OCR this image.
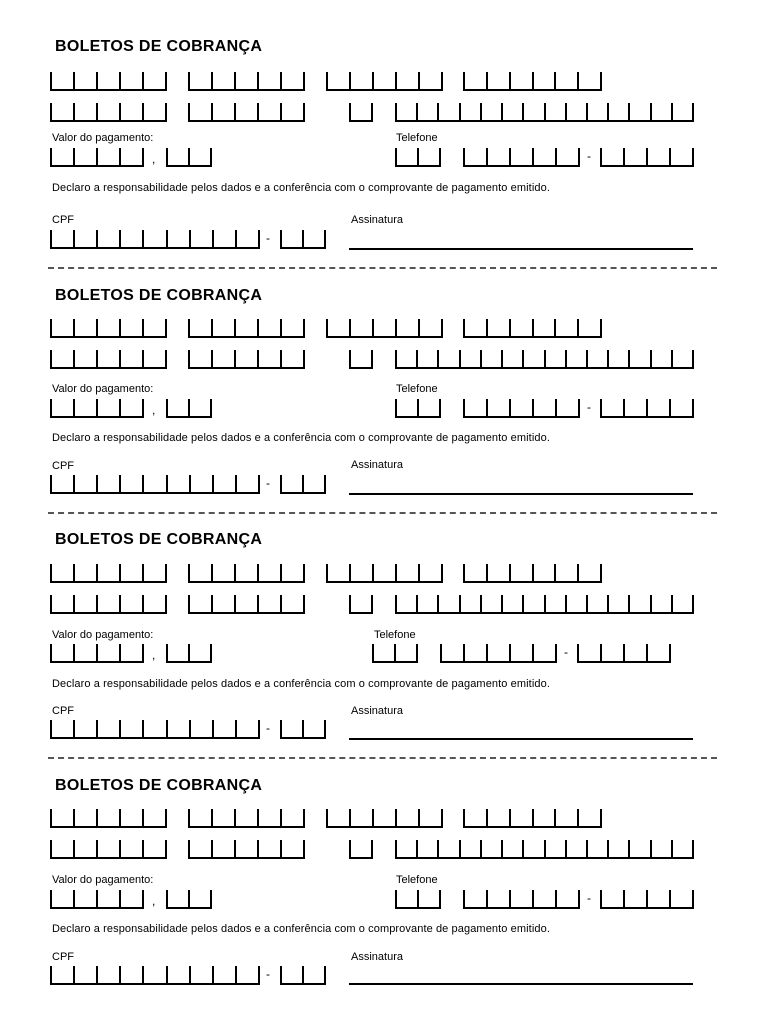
BOLETOS DE COBRANÇA
Valor do pagamento:
,
Telefone
-
Declaro a responsabilidade pelos dados e a conferência com o comprovante de pagamento emitido.
CPF
-
Assinatura
BOLETOS DE COBRANÇA
Valor do pagamento:
,
Telefone
-
Declaro a responsabilidade pelos dados e a conferência com o comprovante de pagamento emitido.
CPF
-
Assinatura
BOLETOS DE COBRANÇA
Valor do pagamento:
,
Telefone
-
Declaro a responsabilidade pelos dados e a conferência com o comprovante de pagamento emitido.
CPF
-
Assinatura
BOLETOS DE COBRANÇA
Valor do pagamento:
,
Telefone
-
Declaro a responsabilidade pelos dados e a conferência com o comprovante de pagamento emitido.
CPF
-
Assinatura
